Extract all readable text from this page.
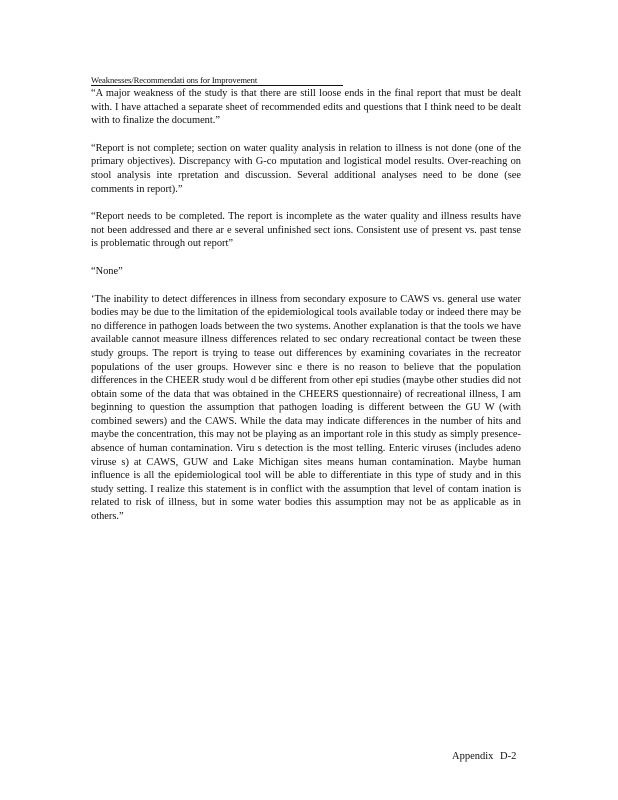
Weaknesses/Recommendati ons for Improvement

“A major weakness of the study is that there are still loose ends in the final report that must be dealt with. I have attached a separate sheet of recommended edits and questions that I think need to be dealt with to finalize the document.”

“Report is not complete; section on water quality analysis in relation to illness is not done (one of the primary objectives). Discrepancy with G-co mputation and logistical model results. Over-reaching on stool analysis inte rpretation and discussion. Several additional analyses need to be done (see comments in report).”

“Report needs to be completed. The report is incomplete as the water quality and illness results have not been addressed and there ar e several unfinished sect ions. Consistent use of present vs. past tense is problematic through out report”

“None”

‘The inability to detect differences in illness from secondary exposure to CAWS vs. general use water bodies may be due to the limitation of the epidemiological tools available today or indeed there may be no difference in pathogen loads between the two systems. Another explanation is that the tools we have available cannot measure illness differences related to sec ondary recreational contact be tween these study groups. The report is trying to tease out differences by examining covariates in the recreator populations of the user groups. However sinc e there is no reason to believe that the population differences in the CHEER study woul d be different from other epi studies (maybe other studies did not obtain some of the data that was obtained in the CHEERS questionnaire) of recreational illness, I am beginning to question the assumption that pathogen loading is different between the GU W (with combined sewers) and the CAWS. While the data may indicate differences in the number of hits and maybe the concentration, this may not be playing as an important role in this study as simply presence-absence of human contamination. Viru s detection is the most telling. Enteric viruses (includes adeno viruse s) at CAWS, GUW and Lake Michigan sites means human contamination. Maybe human influence is all the epidemiological tool will be able to differentiate in this type of study and in this study setting. I realize this statement is in conflict with the assumption that level of contam ination is related to risk of illness, but in some water bodies this assumption may not be as applicable as in others.”

Appendix D-2
